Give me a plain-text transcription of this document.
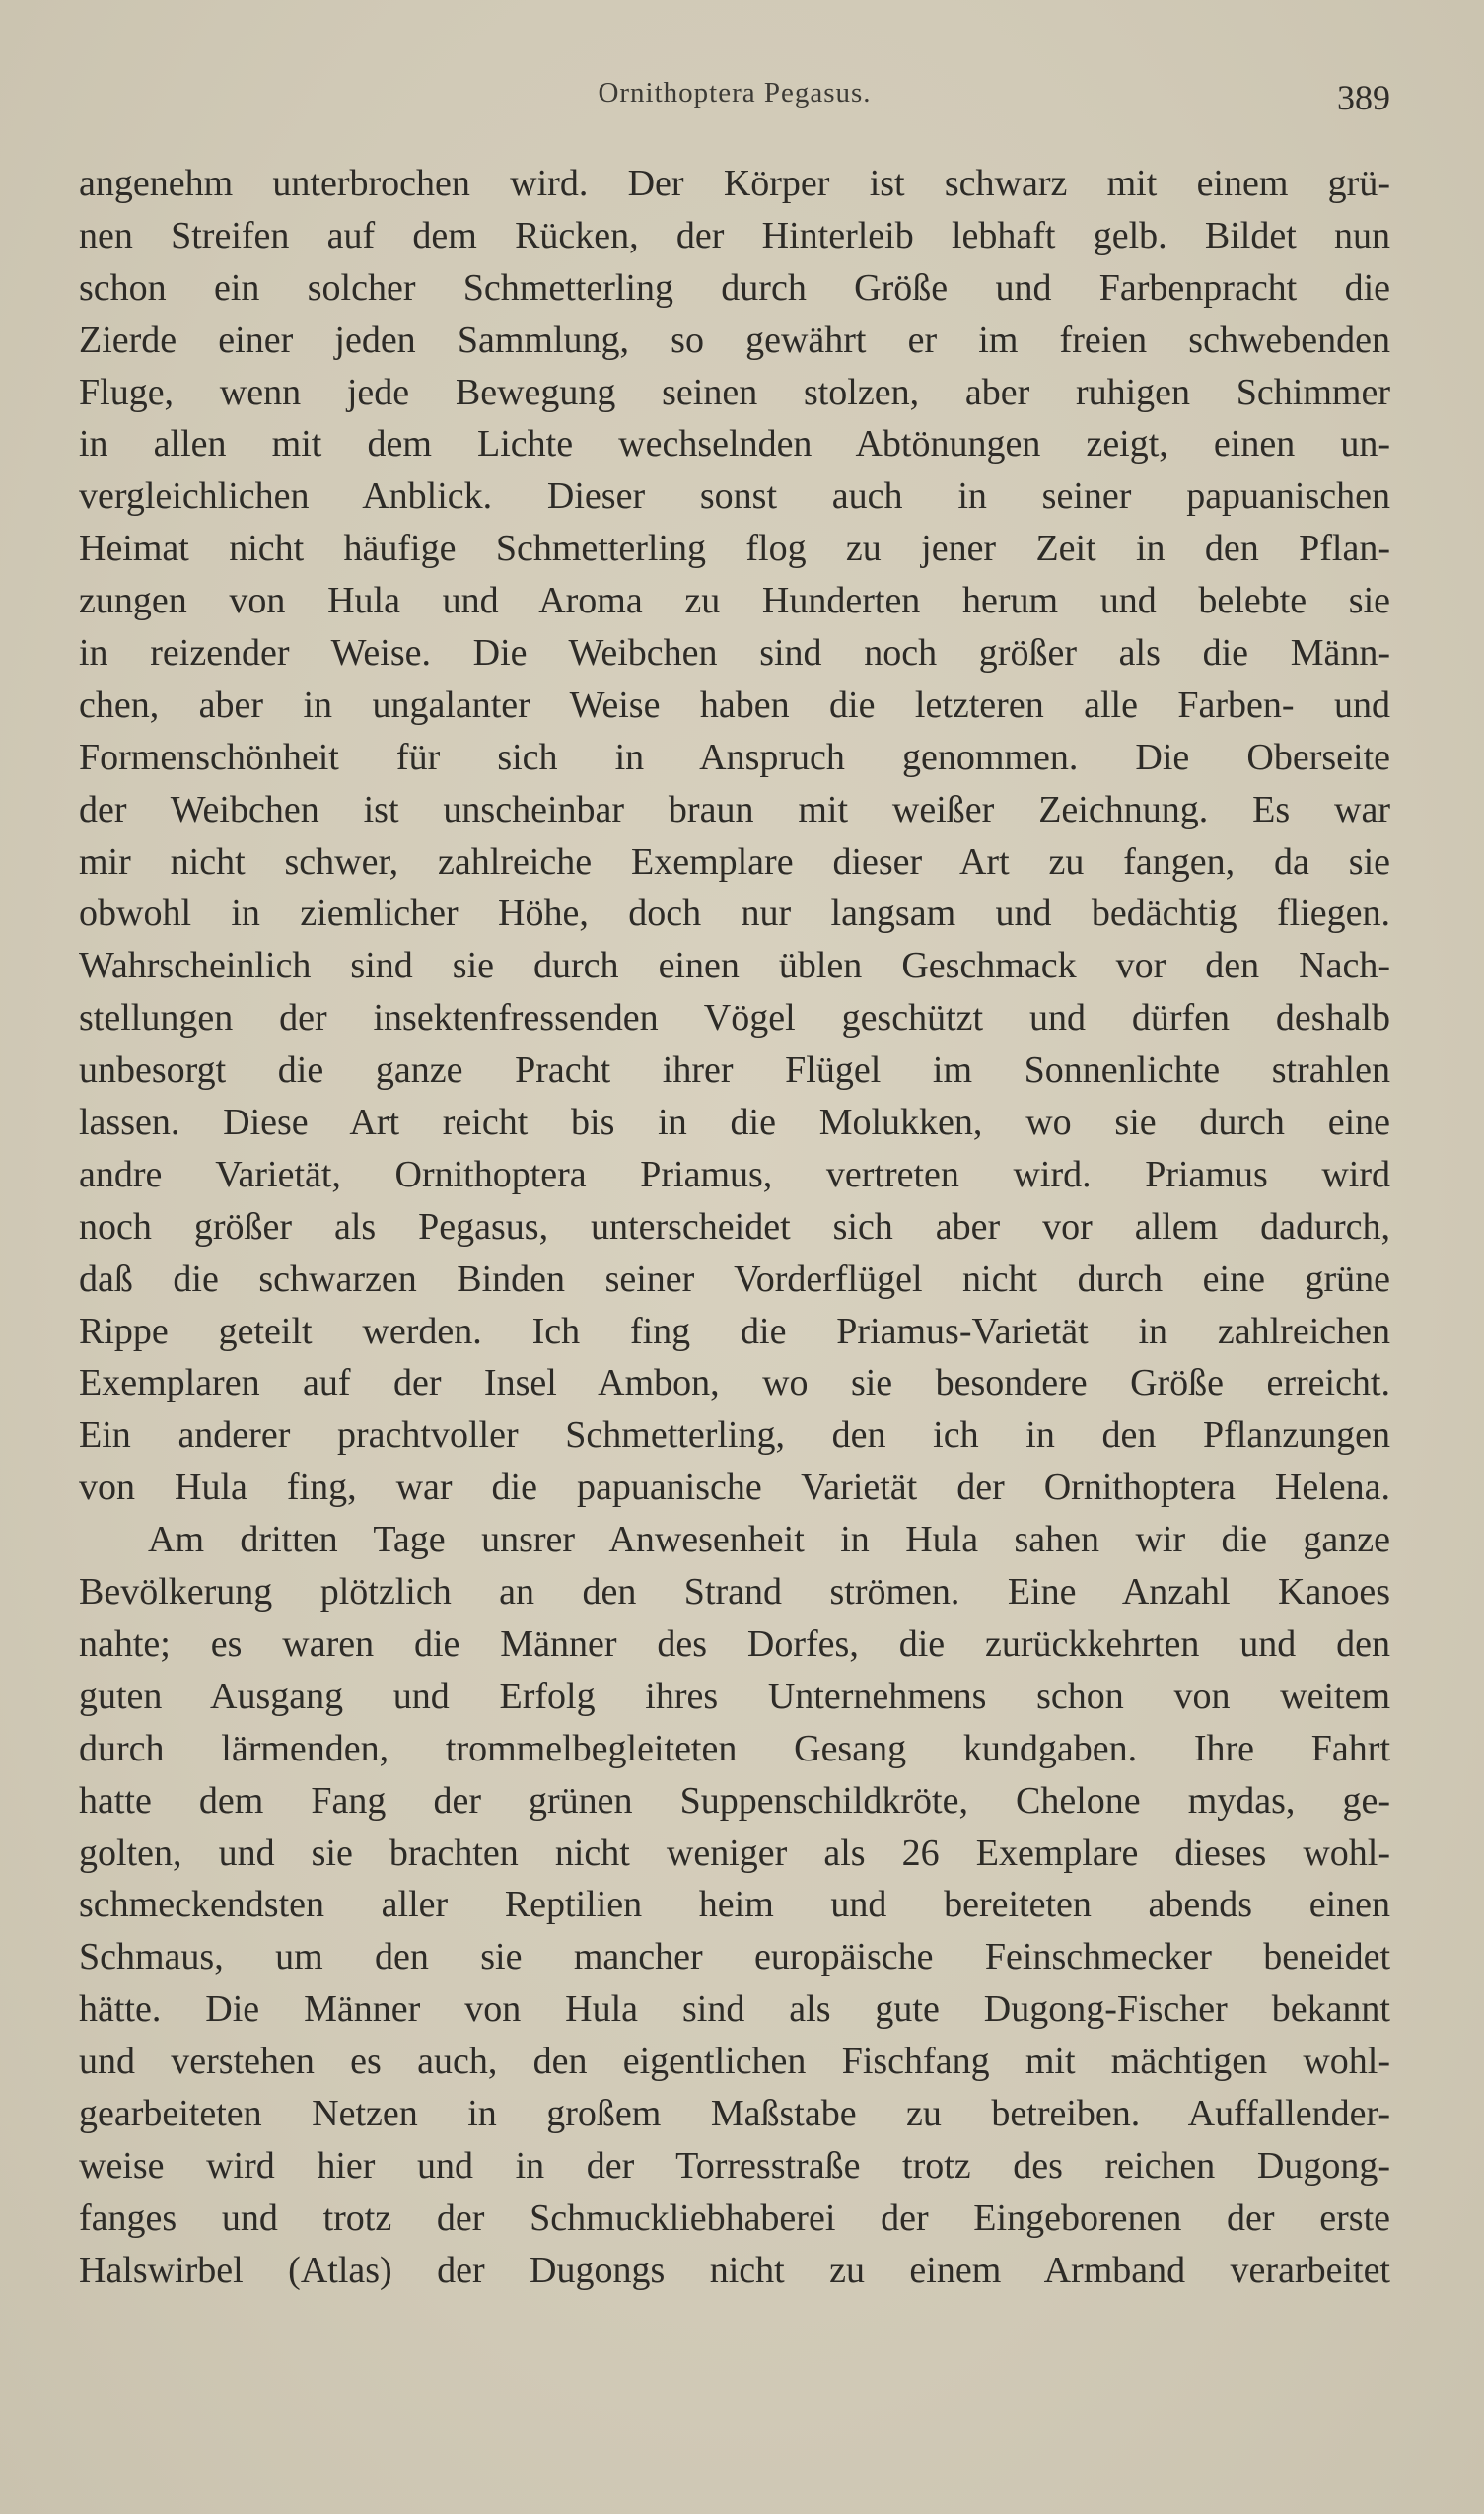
Ornithoptera Pegasus.	389
angenehm unterbrochen wird. Der Körper ist schwarz mit einem grü-
nen Streifen auf dem Rücken, der Hinterleib lebhaft gelb. Bildet nun
schon ein solcher Schmetterling durch Größe und Farbenpracht die
Zierde einer jeden Sammlung, so gewährt er im freien schwebenden
Fluge, wenn jede Bewegung seinen stolzen, aber ruhigen Schimmer
in allen mit dem Lichte wechselnden Abtönungen zeigt, einen un-
vergleichlichen Anblick. Dieser sonst auch in seiner papuanischen
Heimat nicht häufige Schmetterling flog zu jener Zeit in den Pflan-
zungen von Hula und Aroma zu Hunderten herum und belebte sie
in reizender Weise. Die Weibchen sind noch größer als die Männ-
chen, aber in ungalanter Weise haben die letzteren alle Farben- und
Formenschönheit für sich in Anspruch genommen. Die Oberseite
der Weibchen ist unscheinbar braun mit weißer Zeichnung. Es war
mir nicht schwer, zahlreiche Exemplare dieser Art zu fangen, da sie
obwohl in ziemlicher Höhe, doch nur langsam und bedächtig fliegen.
Wahrscheinlich sind sie durch einen üblen Geschmack vor den Nach-
stellungen der insektenfressenden Vögel geschützt und dürfen deshalb
unbesorgt die ganze Pracht ihrer Flügel im Sonnenlichte strahlen
lassen. Diese Art reicht bis in die Molukken, wo sie durch eine
andre Varietät, Ornithoptera Priamus, vertreten wird. Priamus wird
noch größer als Pegasus, unterscheidet sich aber vor allem dadurch,
daß die schwarzen Binden seiner Vorderflügel nicht durch eine grüne
Rippe geteilt werden. Ich fing die Priamus-Varietät in zahlreichen
Exemplaren auf der Insel Ambon, wo sie besondere Größe erreicht.
Ein anderer prachtvoller Schmetterling, den ich in den Pflanzungen
von Hula fing, war die papuanische Varietät der Ornithoptera Helena.
Am dritten Tage unsrer Anwesenheit in Hula sahen wir die ganze
Bevölkerung plötzlich an den Strand strömen. Eine Anzahl Kanoes
nahte; es waren die Männer des Dorfes, die zurückkehrten und den
guten Ausgang und Erfolg ihres Unternehmens schon von weitem
durch lärmenden, trommelbegleiteten Gesang kundgaben. Ihre Fahrt
hatte dem Fang der grünen Suppenschildkröte, Chelone mydas, ge-
golten, und sie brachten nicht weniger als 26 Exemplare dieses wohl-
schmeckendsten aller Reptilien heim und bereiteten abends einen
Schmaus, um den sie mancher europäische Feinschmecker beneidet
hätte. Die Männer von Hula sind als gute Dugong-Fischer bekannt
und verstehen es auch, den eigentlichen Fischfang mit mächtigen wohl-
gearbeiteten Netzen in großem Maßstabe zu betreiben. Auffallender-
weise wird hier und in der Torresstraße trotz des reichen Dugong-
fanges und trotz der Schmuckliebhaberei der Eingeborenen der erste
Halswirbel (Atlas) der Dugongs nicht zu einem Armband verarbeitet
